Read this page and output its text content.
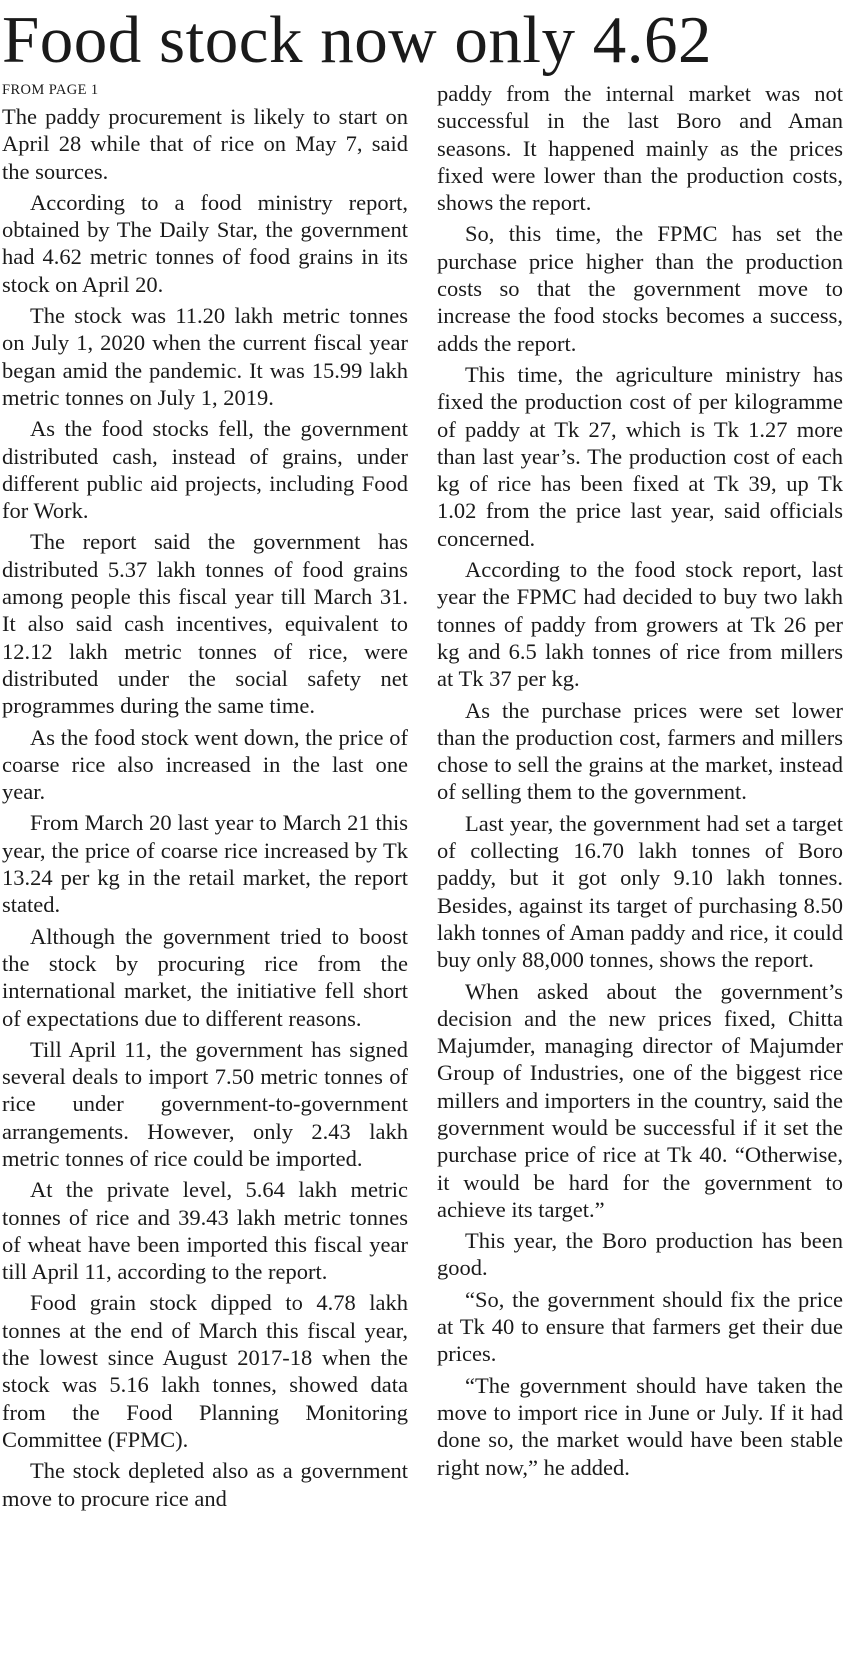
Food stock now only 4.62
FROM PAGE 1

The paddy procurement is likely to start on April 28 while that of rice on May 7, said the sources.

According to a food ministry report, obtained by The Daily Star, the government had 4.62 metric tonnes of food grains in its stock on April 20.

The stock was 11.20 lakh metric tonnes on July 1, 2020 when the current fiscal year began amid the pandemic. It was 15.99 lakh metric tonnes on July 1, 2019.

As the food stocks fell, the government distributed cash, instead of grains, under different public aid projects, including Food for Work.

The report said the government has distributed 5.37 lakh tonnes of food grains among people this fiscal year till March 31. It also said cash incentives, equivalent to 12.12 lakh metric tonnes of rice, were distributed under the social safety net programmes during the same time.

As the food stock went down, the price of coarse rice also increased in the last one year.

From March 20 last year to March 21 this year, the price of coarse rice increased by Tk 13.24 per kg in the retail market, the report stated.

Although the government tried to boost the stock by procuring rice from the international market, the initiative fell short of expectations due to different reasons.

Till April 11, the government has signed several deals to import 7.50 metric tonnes of rice under government-to-government arrangements. However, only 2.43 lakh metric tonnes of rice could be imported.

At the private level, 5.64 lakh metric tonnes of rice and 39.43 lakh metric tonnes of wheat have been imported this fiscal year till April 11, according to the report.

Food grain stock dipped to 4.78 lakh tonnes at the end of March this fiscal year, the lowest since August 2017-18 when the stock was 5.16 lakh tonnes, showed data from the Food Planning Monitoring Committee (FPMC).

The stock depleted also as a government move to procure rice and

paddy from the internal market was not successful in the last Boro and Aman seasons. It happened mainly as the prices fixed were lower than the production costs, shows the report.

So, this time, the FPMC has set the purchase price higher than the production costs so that the government move to increase the food stocks becomes a success, adds the report.

This time, the agriculture ministry has fixed the production cost of per kilogramme of paddy at Tk 27, which is Tk 1.27 more than last year’s. The production cost of each kg of rice has been fixed at Tk 39, up Tk 1.02 from the price last year, said officials concerned.

According to the food stock report, last year the FPMC had decided to buy two lakh tonnes of paddy from growers at Tk 26 per kg and 6.5 lakh tonnes of rice from millers at Tk 37 per kg.

As the purchase prices were set lower than the production cost, farmers and millers chose to sell the grains at the market, instead of selling them to the government.

Last year, the government had set a target of collecting 16.70 lakh tonnes of Boro paddy, but it got only 9.10 lakh tonnes. Besides, against its target of purchasing 8.50 lakh tonnes of Aman paddy and rice, it could buy only 88,000 tonnes, shows the report.

When asked about the government’s decision and the new prices fixed, Chitta Majumder, managing director of Majumder Group of Industries, one of the biggest rice millers and importers in the country, said the government would be successful if it set the purchase price of rice at Tk 40. “Otherwise, it would be hard for the government to achieve its target.”

This year, the Boro production has been good.

“So, the government should fix the price at Tk 40 to ensure that farmers get their due prices.

“The government should have taken the move to import rice in June or July. If it had done so, the market would have been stable right now,” he added.
